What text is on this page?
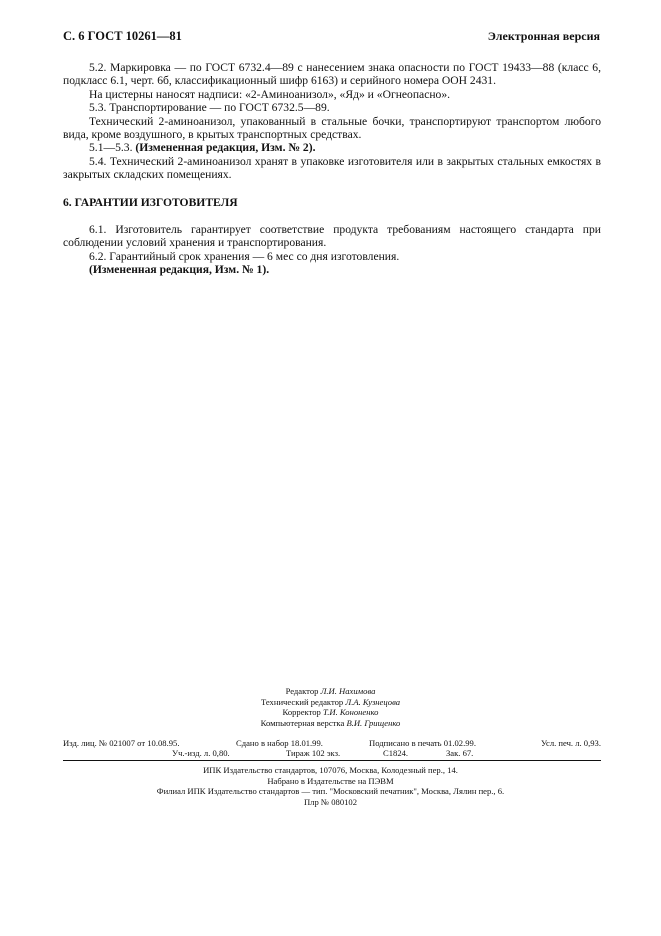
С. 6 ГОСТ 10261—81	Электронная версия

5.2. Маркировка — по ГОСТ 6732.4—89 с нанесением знака опасности по ГОСТ 19433—88 (класс 6, подкласс 6.1, черт. 6б, классификационный шифр 6163) и серийного номера ООН 2431.

На цистерны наносят надписи: «2-Аминоанизол», «Яд» и «Огнеопасно».

5.3. Транспортирование — по ГОСТ 6732.5—89.

Технический 2-аминоанизол, упакованный в стальные бочки, транспортируют транспортом любого вида, кроме воздушного, в крытых транспортных средствах.

5.1—5.3. (Измененная редакция, Изм. № 2).

5.4. Технический 2-аминоанизол хранят в упаковке изготовителя или в закрытых стальных емкостях в закрытых складских помещениях.

6. ГАРАНТИИ ИЗГОТОВИТЕЛЯ

6.1. Изготовитель гарантирует соответствие продукта требованиям настоящего стандарта при соблюдении условий хранения и транспортирования.

6.2. Гарантийный срок хранения — 6 мес со дня изготовления.

(Измененная редакция, Изм. № 1).

Редактор Л.И. Нахимова
Технический редактор Л.А. Кузнецова
Корректор Т.И. Кононенко
Компьютерная верстка В.И. Грищенко
Изд. лиц. № 021007 от 10.08.95.	Сдано в набор 18.01.99.	Подписано в печать 01.02.99.	Усл. печ. л. 0,93.
Уч.-изд. л. 0,80.	Тираж 102 экз.	С1824.	Зак. 67.
ИПК Издательство стандартов, 107076, Москва, Колодезный пер., 14.
Набрано в Издательстве на ПЭВМ
Филиал ИПК Издательство стандартов — тип. "Московский печатник", Москва, Лялин пер., 6.
Плр № 080102
